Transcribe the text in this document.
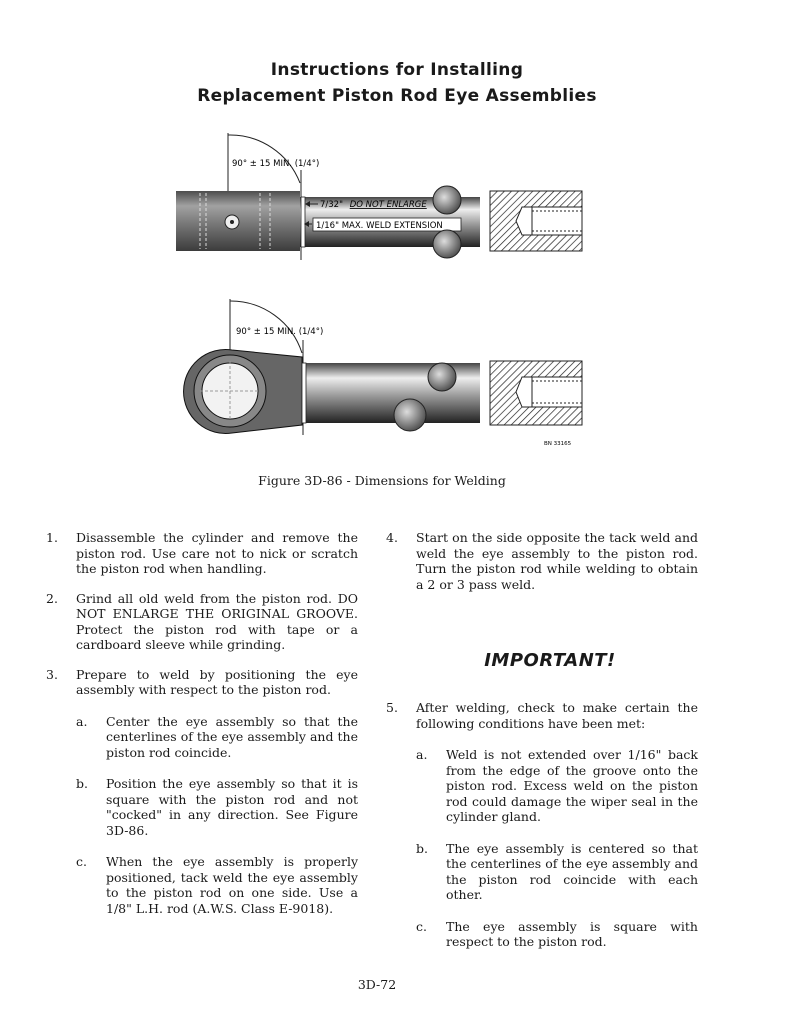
Instructions for Installing
Replacement Piston Rod Eye Assemblies
90° ± 15 MIN. (1/4°)
7/32" DO NOT ENLARGE
1/16" MAX. WELD EXTENSION
90° ± 15 MIN. (1/4°)
BN 33165
Figure 3D-86 - Dimensions for Welding
1. Disassemble the cylinder and remove the piston rod. Use care not to nick or scratch the piston rod when handling.
2. Grind all old weld from the piston rod. DO NOT ENLARGE THE ORIGINAL GROOVE. Protect the piston rod with tape or a cardboard sleeve while grinding.
3. Prepare to weld by positioning the eye assembly with respect to the piston rod.
a. Center the eye assembly so that the centerlines of the eye assembly and the piston rod coincide.
b. Position the eye assembly so that it is square with the piston rod and not "cocked" in any direction. See Figure 3D-86.
c. When the eye assembly is properly positioned, tack weld the eye assembly to the piston rod on one side. Use a 1/8" L.H. rod (A.W.S. Class E-9018).
4. Start on the side opposite the tack weld and weld the eye assembly to the piston rod. Turn the piston rod while welding to obtain a 2 or 3 pass weld.
IMPORTANT!
5. After welding, check to make certain the following conditions have been met:
a. Weld is not extended over 1/16" back from the edge of the groove onto the piston rod. Excess weld on the piston rod could damage the wiper seal in the cylinder gland.
b. The eye assembly is centered so that the centerlines of the eye assembly and the piston rod coincide with each other.
c. The eye assembly is square with respect to the piston rod.
3D-72
